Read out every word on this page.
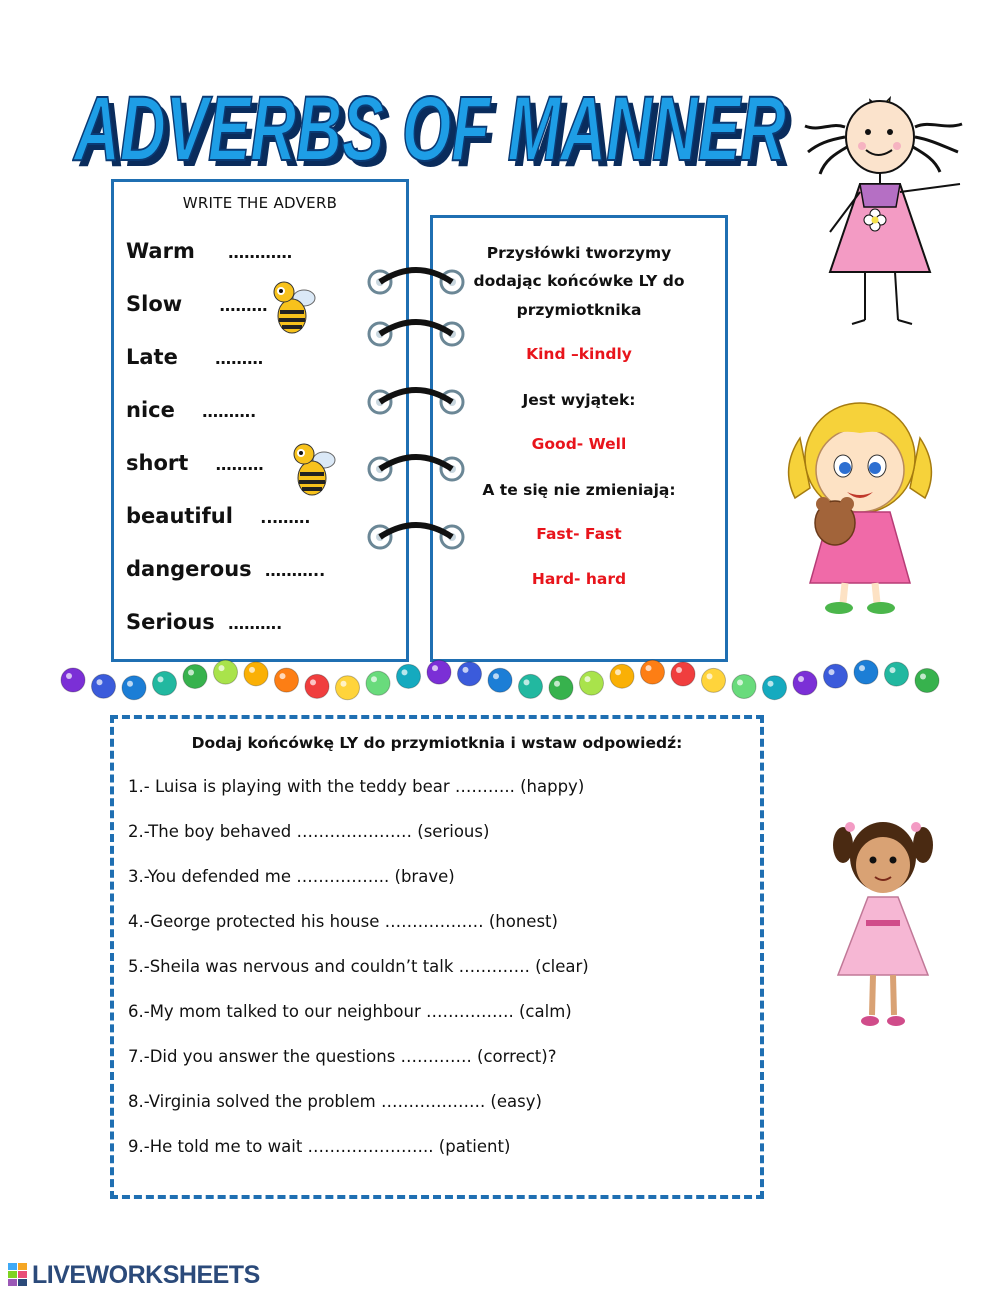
ADVERBS OF MANNER
ADVERBS OF MANNER
WRITE THE ADVERB
Warm …………
Slow ………
Late ………
nice ……….
short ………
beautiful ..…….
dangerous ………..
Serious ……….
Przysłówki tworzymy
dodając końcówke LY do
przymiotknika
Kind –kindly
Jest wyjątek:
Good- Well
A te się nie zmieniają:
Fast- Fast
Hard- hard
Dodaj końcówkę LY do przymiotknia i wstaw odpowiedź:
1.- Luisa is playing with the teddy bear ……….. (happy)
2.-The boy behaved ………………… (serious)
3.-You defended me …………….. (brave)
4.-George protected his house ……………… (honest)
5.-Sheila was nervous and couldn’t talk …………. (clear)
6.-My mom talked to our neighbour ……………. (calm)
7.-Did you answer the questions …………. (correct)?
8.-Virginia solved the problem ………………. (easy)
9.-He told me to wait ………………….. (patient)
LIVEWORKSHEETS
